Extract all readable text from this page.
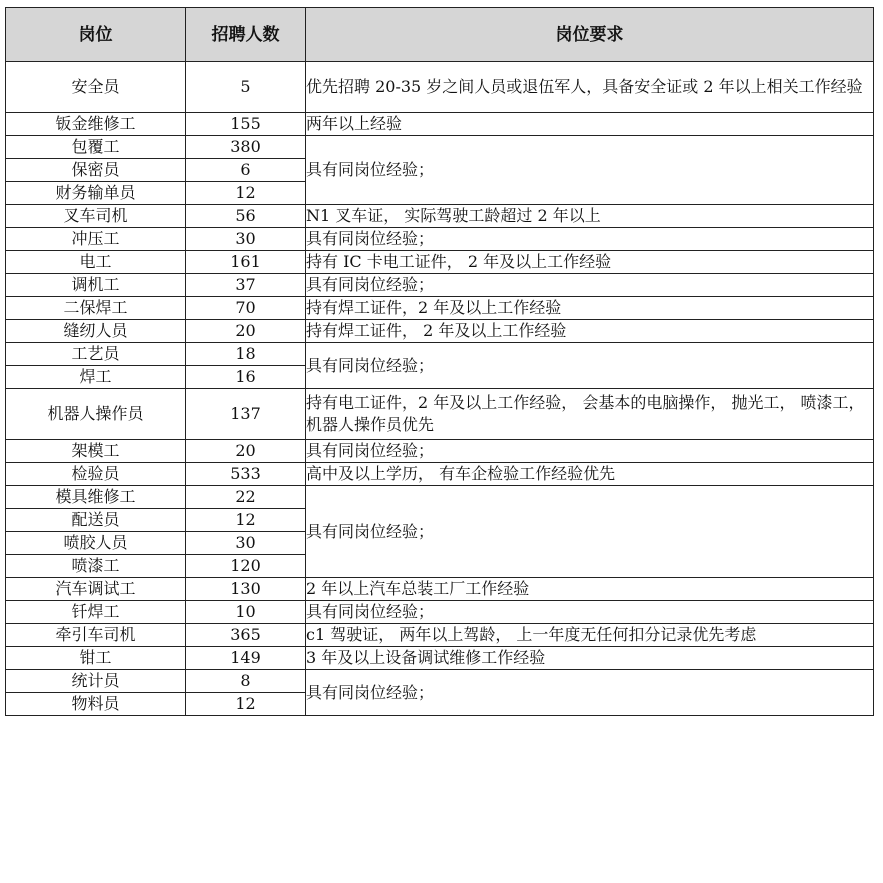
岗位	招聘人数	岗位要求
安全员	5	优先招聘 20-35 岁之间人员或退伍军人，具备安全证或 2 年以上相关工作经验
钣金维修工	155	两年以上经验
包覆工	380	具有同岗位经验；
保密员	6	
财务输单员	12	
叉车司机	56	N1 叉车证， 实际驾驶工龄超过 2 年以上
冲压工	30	具有同岗位经验；
电工	161	持有 IC 卡电工证件， 2 年及以上工作经验
调机工	37	具有同岗位经验；
二保焊工	70	持有焊工证件，2 年及以上工作经验
缝纫人员	20	持有焊工证件， 2 年及以上工作经验
工艺员	18	具有同岗位经验；
焊工	16	
机器人操作员	137	持有电工证件，2 年及以上工作经验， 会基本的电脑操作， 抛光工， 喷漆工， 机器人操作员优先
架模工	20	具有同岗位经验；
检验员	533	高中及以上学历， 有车企检验工作经验优先
模具维修工	22	具有同岗位经验；
配送员	12	
喷胶人员	30	
喷漆工	120	
汽车调试工	130	2 年以上汽车总装工厂工作经验
钎焊工	10	具有同岗位经验；
牵引车司机	365	c1 驾驶证， 两年以上驾龄， 上一年度无任何扣分记录优先考虑
钳工	149	3 年及以上设备调试维修工作经验
统计员	8	具有同岗位经验；
物料员	12	
